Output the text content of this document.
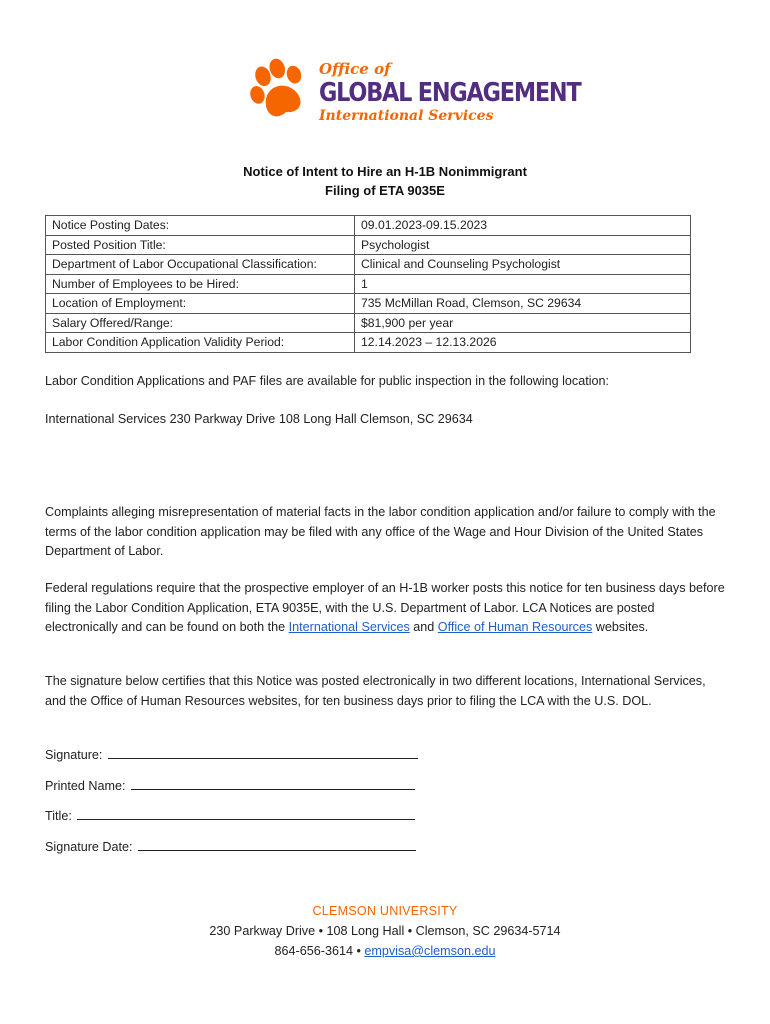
Office of
GLOBAL ENGAGEMENT
International Services
Notice of Intent to Hire an H-1B Nonimmigrant
Filing of ETA 9035E
Notice Posting Dates:	09.01.2023-09.15.2023
Posted Position Title:	Psychologist
Department of Labor Occupational Classification:	Clinical and Counseling Psychologist
Number of Employees to be Hired:	1
Location of Employment:	735 McMillan Road, Clemson, SC 29634
Salary Offered/Range:	$81,900 per year
Labor Condition Application Validity Period:	12.14.2023 – 12.13.2026
Labor Condition Applications and PAF files are available for public inspection in the following location:
International Services 230 Parkway Drive 108 Long Hall Clemson, SC 29634
Complaints alleging misrepresentation of material facts in the labor condition application and/or failure to comply with the terms of the labor condition application may be filed with any office of the Wage and Hour Division of the United States Department of Labor.
Federal regulations require that the prospective employer of an H-1B worker posts this notice for ten business days before filing the Labor Condition Application, ETA 9035E, with the U.S. Department of Labor. LCA Notices are posted electronically and can be found on both the International Services and Office of Human Resources websites.
The signature below certifies that this Notice was posted electronically in two different locations, International Services, and the Office of Human Resources websites, for ten business days prior to filing the LCA with the U.S. DOL.
Signature:
Printed Name:
Title:
Signature Date:
CLEMSON UNIVERSITY
230 Parkway Drive • 108 Long Hall • Clemson, SC 29634-5714
864-656-3614 • empvisa@clemson.edu
